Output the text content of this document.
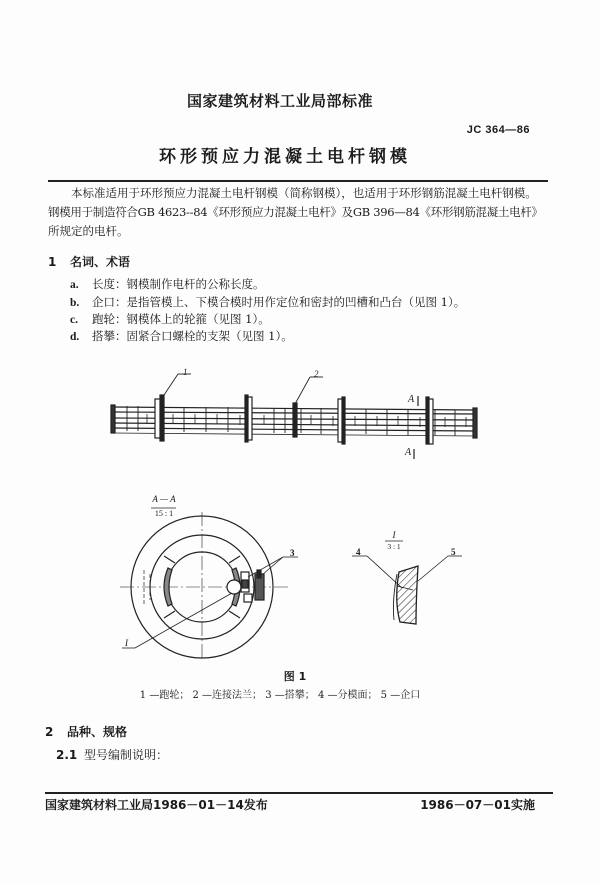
国家建筑材料工业局部标准
JC 364—86
环形预应力混凝土电杆钢模

本标准适用于环形预应力混凝土电杆钢模（简称钢模），也适用于环形钢筋混凝土电杆钢模。

钢模用于制造符合GB 4623--84《环形预应力混凝土电杆》及GB 396—84《环形钢筋混凝土电杆》

所规定的电杆。

1 名词、术语
a. 长度：钢模制作电杆的公称长度。
b. 企口：是指管模上、下模合模时用作定位和密封的凹槽和凸台（见图 1）。
c. 跑轮：钢模体上的轮箍（见图 1）。
d. 搭攀：固紧合口螺栓的支架（见图 1）。
1	2
A
A
A — A
15 : 1
3
I
I
3 : 1
4	5
图 1
1 —跑轮； 2 —连接法兰； 3 —搭攀； 4 —分模面； 5 —企口
2 品种、规格
2.1 型号编制说明：
国家建筑材料工业局1986－01－14发布	1986－07－01实施
